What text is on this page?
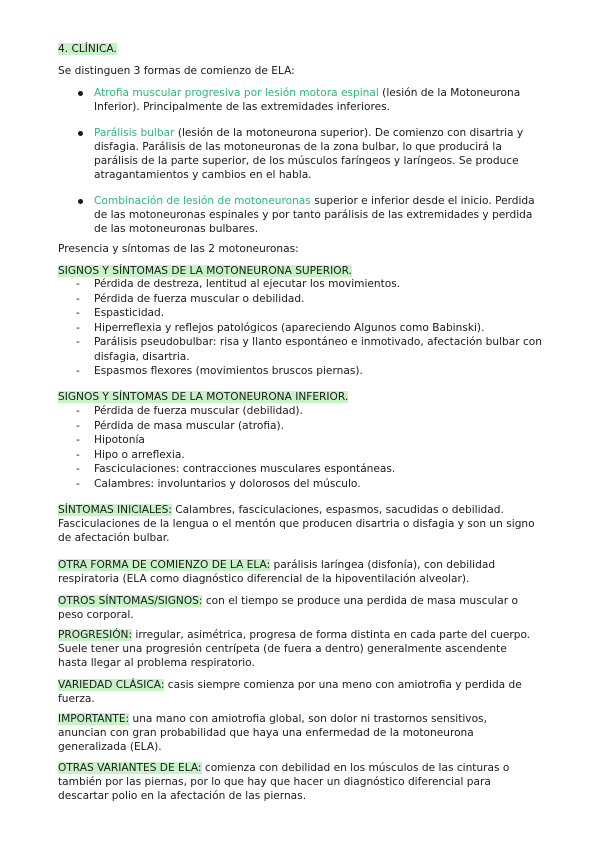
4. CLÍNICA.

Se distinguen 3 formas de comienzo de ELA:

Atrofia muscular progresiva por lesión motora espinal (lesión de la Motoneurona Inferior). Principalmente de las extremidades inferiores.
Parálisis bulbar (lesión de la motoneurona superior). De comienzo con disartria y disfagia. Parálisis de las motoneuronas de la zona bulbar, lo que producirá la parálisis de la parte superior, de los músculos faríngeos y laríngeos. Se produce atragantamientos y cambios en el habla.
Combinación de lesión de motoneuronas superior e inferior desde el inicio. Perdida de las motoneuronas espinales y por tanto parálisis de las extremidades y perdida de las motoneuronas bulbares.

Presencia y síntomas de las 2 motoneuronas:

SIGNOS Y SÍNTOMAS DE LA MOTONEURONA SUPERIOR.

- Pérdida de destreza, lentitud al ejecutar los movimientos.
- Pérdida de fuerza muscular o debilidad.
- Espasticidad.
- Hiperreflexia y reflejos patológicos (apareciendo Algunos como Babinski).
- Parálisis pseudobulbar: risa y llanto espontáneo e inmotivado, afectación bulbar con disfagia, disartria.
- Espasmos flexores (movimientos bruscos piernas).

SIGNOS Y SÍNTOMAS DE LA MOTONEURONA INFERIOR.

- Pérdida de fuerza muscular (debilidad).
- Pérdida de masa muscular (atrofia).
- Hipotonía
- Hipo o arreflexia.
- Fasciculaciones: contracciones musculares espontáneas.
- Calambres: involuntarios y dolorosos del músculo.

SÍNTOMAS INICIALES: Calambres, fasciculaciones, espasmos, sacudidas o debilidad. Fasciculaciones de la lengua o el mentón que producen disartria o disfagia y son un signo de afectación bulbar.

OTRA FORMA DE COMIENZO DE LA ELA: parálisis laríngea (disfonía), con debilidad respiratoria (ELA como diagnóstico diferencial de la hipoventilación alveolar).

OTROS SÍNTOMAS/SIGNOS: con el tiempo se produce una perdida de masa muscular o peso corporal.

PROGRESIÓN: irregular, asimétrica, progresa de forma distinta en cada parte del cuerpo. Suele tener una progresión centrípeta (de fuera a dentro) generalmente ascendente hasta llegar al problema respiratorio.

VARIEDAD CLÁSICA: casis siempre comienza por una meno con amiotrofia y perdida de fuerza.

IMPORTANTE: una mano con amiotrofia global, son dolor ni trastornos sensitivos, anuncian con gran probabilidad que haya una enfermedad de la motoneurona generalizada (ELA).

OTRAS VARIANTES DE ELA: comienza con debilidad en los músculos de las cinturas o también por las piernas, por lo que hay que hacer un diagnóstico diferencial para descartar polio en la afectación de las piernas.
